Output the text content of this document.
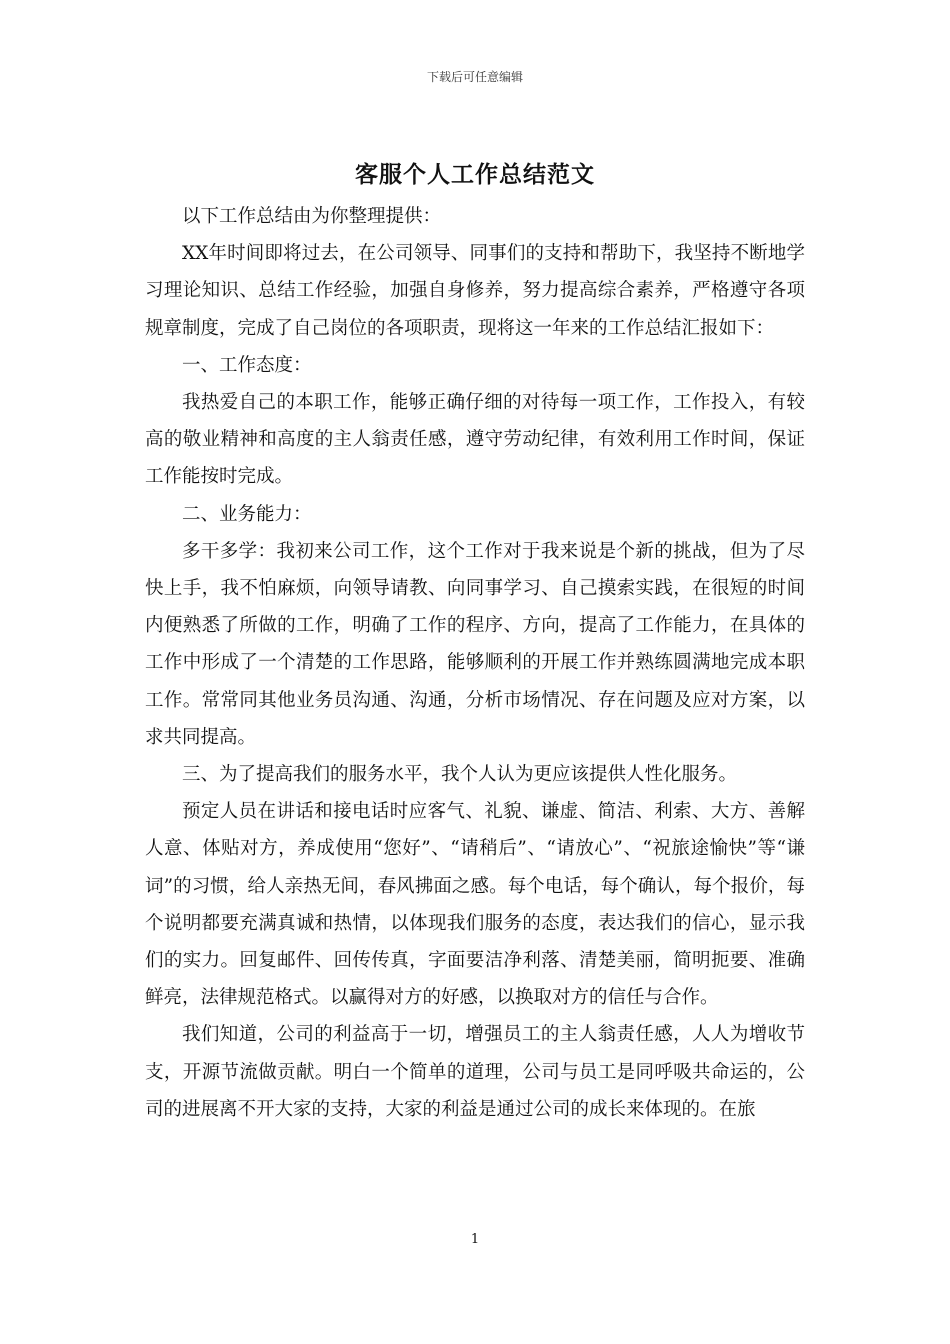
下载后可任意编辑
客服个人工作总结范文

以下工作总结由为你整理提供：

XX年时间即将过去，在公司领导、同事们的支持和帮助下，我坚持不断地学习理论知识、总结工作经验，加强自身修养，努力提高综合素养，严格遵守各项规章制度，完成了自己岗位的各项职责，现将这一年来的工作总结汇报如下：

一、工作态度：

我热爱自己的本职工作，能够正确仔细的对待每一项工作，工作投入，有较高的敬业精神和高度的主人翁责任感，遵守劳动纪律，有效利用工作时间，保证工作能按时完成。

二、业务能力：

多干多学：我初来公司工作，这个工作对于我来说是个新的挑战，但为了尽快上手，我不怕麻烦，向领导请教、向同事学习、自己摸索实践，在很短的时间内便熟悉了所做的工作，明确了工作的程序、方向，提高了工作能力，在具体的工作中形成了一个清楚的工作思路，能够顺利的开展工作并熟练圆满地完成本职工作。常常同其他业务员沟通、沟通，分析市场情况、存在问题及应对方案，以求共同提高。

三、为了提高我们的服务水平，我个人认为更应该提供人性化服务。

预定人员在讲话和接电话时应客气、礼貌、谦虚、简洁、利索、大方、善解人意、体贴对方，养成使用“您好”、“请稍后”、“请放心”、“祝旅途愉快”等“谦词”的习惯，给人亲热无间，春风拂面之感。每个电话，每个确认，每个报价，每个说明都要充满真诚和热情，以体现我们服务的态度，表达我们的信心，显示我们的实力。回复邮件、回传传真，字面要洁净利落、清楚美丽，简明扼要、准确鲜亮，法律规范格式。以赢得对方的好感，以换取对方的信任与合作。

我们知道，公司的利益高于一切，增强员工的主人翁责任感，人人为增收节支，开源节流做贡献。明白一个简单的道理，公司与员工是同呼吸共命运的，公司的进展离不开大家的支持，大家的利益是通过公司的成长来体现的。在旅

1
